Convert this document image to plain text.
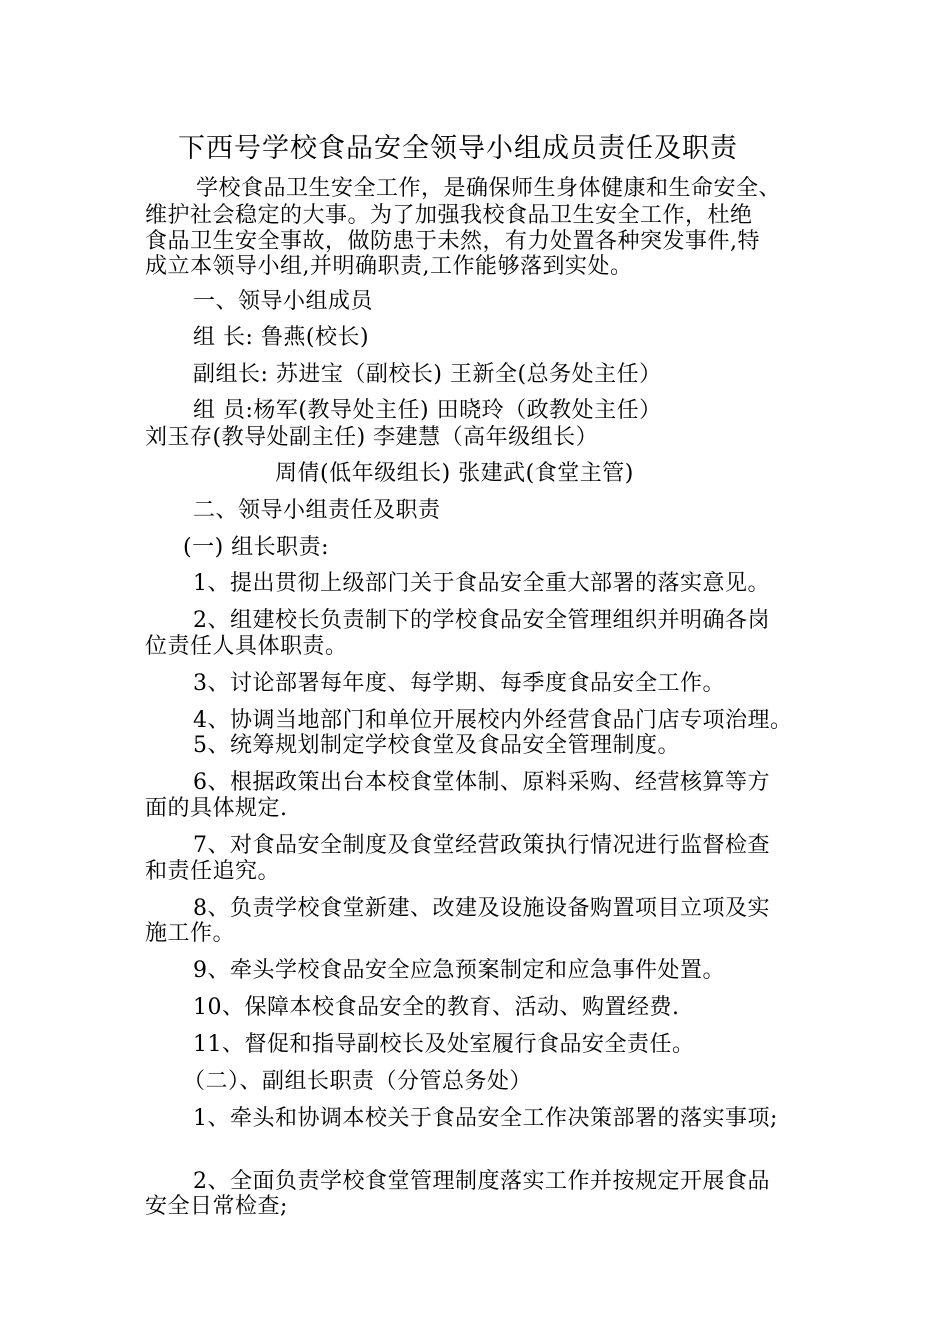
下西号学校食品安全领导小组成员责任及职责
学校食品卫生安全工作，是确保师生身体健康和生命安全、
维护社会稳定的大事。为了加强我校食品卫生安全工作，杜绝
食品卫生安全事故，做防患于未然，有力处置各种突发事件,特
成立本领导小组,并明确职责,工作能够落到实处。
一、领导小组成员
组 长: 鲁燕(校长)
副组长: 苏进宝（副校长) 王新全(总务处主任）
组 员:杨军(教导处主任) 田晓玲（政教处主任）
刘玉存(教导处副主任) 李建慧（高年级组长）
周倩(低年级组长) 张建武(食堂主管)
二、领导小组责任及职责
(一) 组长职责:
1、提出贯彻上级部门关于食品安全重大部署的落实意见。
2、组建校长负责制下的学校食品安全管理组织并明确各岗
位责任人具体职责。
3、讨论部署每年度、每学期、每季度食品安全工作。
4、协调当地部门和单位开展校内外经营食品门店专项治理。
5、统筹规划制定学校食堂及食品安全管理制度。
6、根据政策出台本校食堂体制、原料采购、经营核算等方
面的具体规定.
7、对食品安全制度及食堂经营政策执行情况进行监督检查
和责任追究。
8、负责学校食堂新建、改建及设施设备购置项目立项及实
施工作。
9、牵头学校食品安全应急预案制定和应急事件处置。
10、保障本校食品安全的教育、活动、购置经费.
11、督促和指导副校长及处室履行食品安全责任。
（二）、副组长职责（分管总务处）
1、牵头和协调本校关于食品安全工作决策部署的落实事项;
2、全面负责学校食堂管理制度落实工作并按规定开展食品
安全日常检查;
